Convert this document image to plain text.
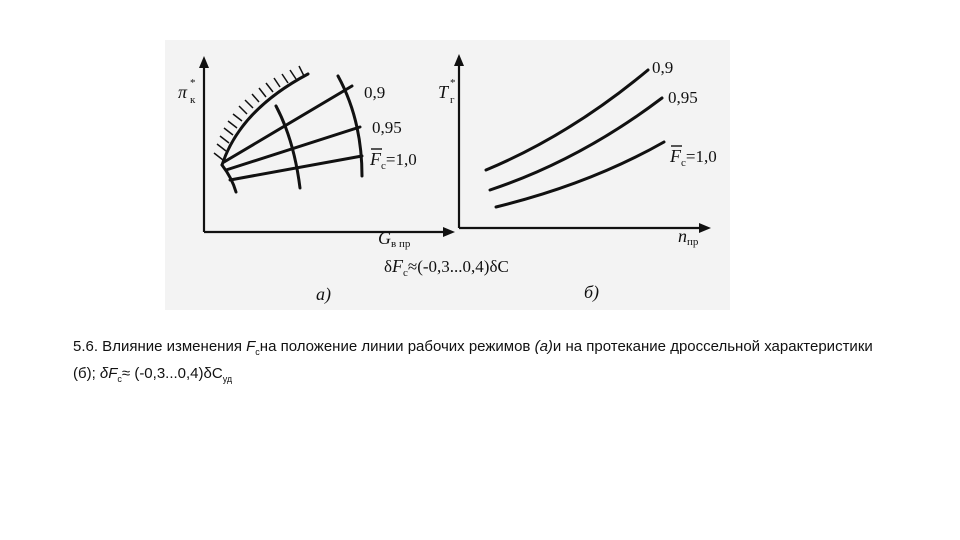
π *
к	0,9
0,95
$F_с=1,0$
Gв пр
$\delta F_c\approx(-0,3...0,4)\delta C$
а)
T *
г
0,9
0,95
$F_с=1,0$
nпр
б)
5.6. Влияние изменения $F_cна$ положение линии рабочих режимов (a)и на протекание дроссельной характеристики (б); $\delta F_c\approx (-0,3...0,4)\delta C_{уд}$
